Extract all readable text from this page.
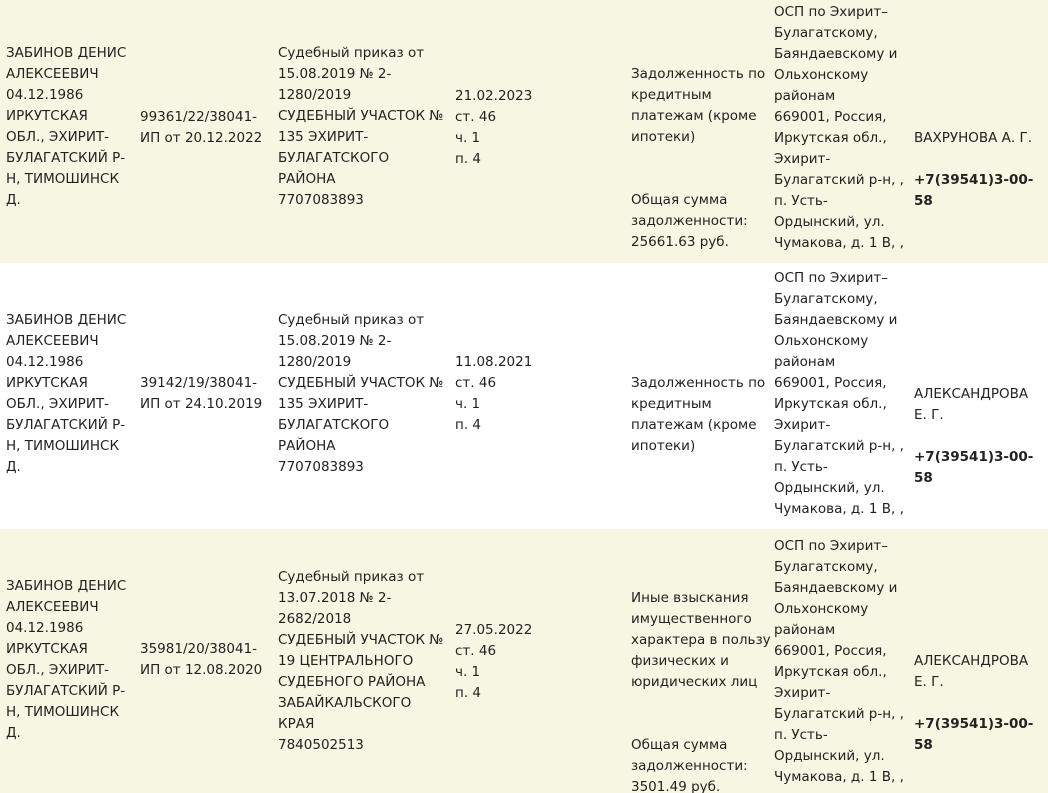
ЗАБИНОВ ДЕНИС
АЛЕКСЕЕВИЧ
04.12.1986
ИРКУТСКАЯ
ОБЛ., ЭХИРИТ-
БУЛАГАТСКИЙ Р-
Н, ТИМОШИНСК
Д.
99361/22/38041-
ИП от 20.12.2022
Судебный приказ от
15.08.2019 № 2-
1280/2019
СУДЕБНЫЙ УЧАСТОК №
135 ЭХИРИТ-
БУЛАГАТСКОГО
РАЙОНА
7707083893
21.02.2023
ст. 46
ч. 1
п. 4

Задолженность по
кредитным
платежам (кроме
ипотеки)

Общая сумма
задолженности:
25661.63 руб.

ОСП по Эхирит–
Булагатскому,
Баяндаевскому и
Ольхонскому
районам
669001, Россия,
Иркутская обл.,
Эхирит-
Булагатский р-н, ,
п. Усть-
Ордынский, ул.
Чумакова, д. 1 В, ,

ВАХРУНОВА А. Г.

+7(39541)3-00-58

ЗАБИНОВ ДЕНИС
АЛЕКСЕЕВИЧ
04.12.1986
ИРКУТСКАЯ
ОБЛ., ЭХИРИТ-
БУЛАГАТСКИЙ Р-
Н, ТИМОШИНСК
Д.
39142/19/38041-
ИП от 24.10.2019
Судебный приказ от
15.08.2019 № 2-
1280/2019
СУДЕБНЫЙ УЧАСТОК №
135 ЭХИРИТ-
БУЛАГАТСКОГО
РАЙОНА
7707083893
11.08.2021
ст. 46
ч. 1
п. 4

Задолженность по
кредитным
платежам (кроме
ипотеки)

ОСП по Эхирит–
Булагатскому,
Баяндаевскому и
Ольхонскому
районам
669001, Россия,
Иркутская обл.,
Эхирит-
Булагатский р-н, ,
п. Усть-
Ордынский, ул.
Чумакова, д. 1 В, ,

АЛЕКСАНДРОВА
Е. Г.

+7(39541)3-00-58

ЗАБИНОВ ДЕНИС
АЛЕКСЕЕВИЧ
04.12.1986
ИРКУТСКАЯ
ОБЛ., ЭХИРИТ-
БУЛАГАТСКИЙ Р-
Н, ТИМОШИНСК
Д.
35981/20/38041-
ИП от 12.08.2020
Судебный приказ от
13.07.2018 № 2-
2682/2018
СУДЕБНЫЙ УЧАСТОК №
19 ЦЕНТРАЛЬНОГО
СУДЕБНОГО РАЙОНА
ЗАБАЙКАЛЬСКОГО
КРАЯ
7840502513
27.05.2022
ст. 46
ч. 1
п. 4

Иные взыскания
имущественного
характера в пользу
физических и
юридических лиц

Общая сумма
задолженности:
3501.49 руб.

ОСП по Эхирит–
Булагатскому,
Баяндаевскому и
Ольхонскому
районам
669001, Россия,
Иркутская обл.,
Эхирит-
Булагатский р-н, ,
п. Усть-
Ордынский, ул.
Чумакова, д. 1 В, ,

АЛЕКСАНДРОВА
Е. Г.

+7(39541)3-00-58
